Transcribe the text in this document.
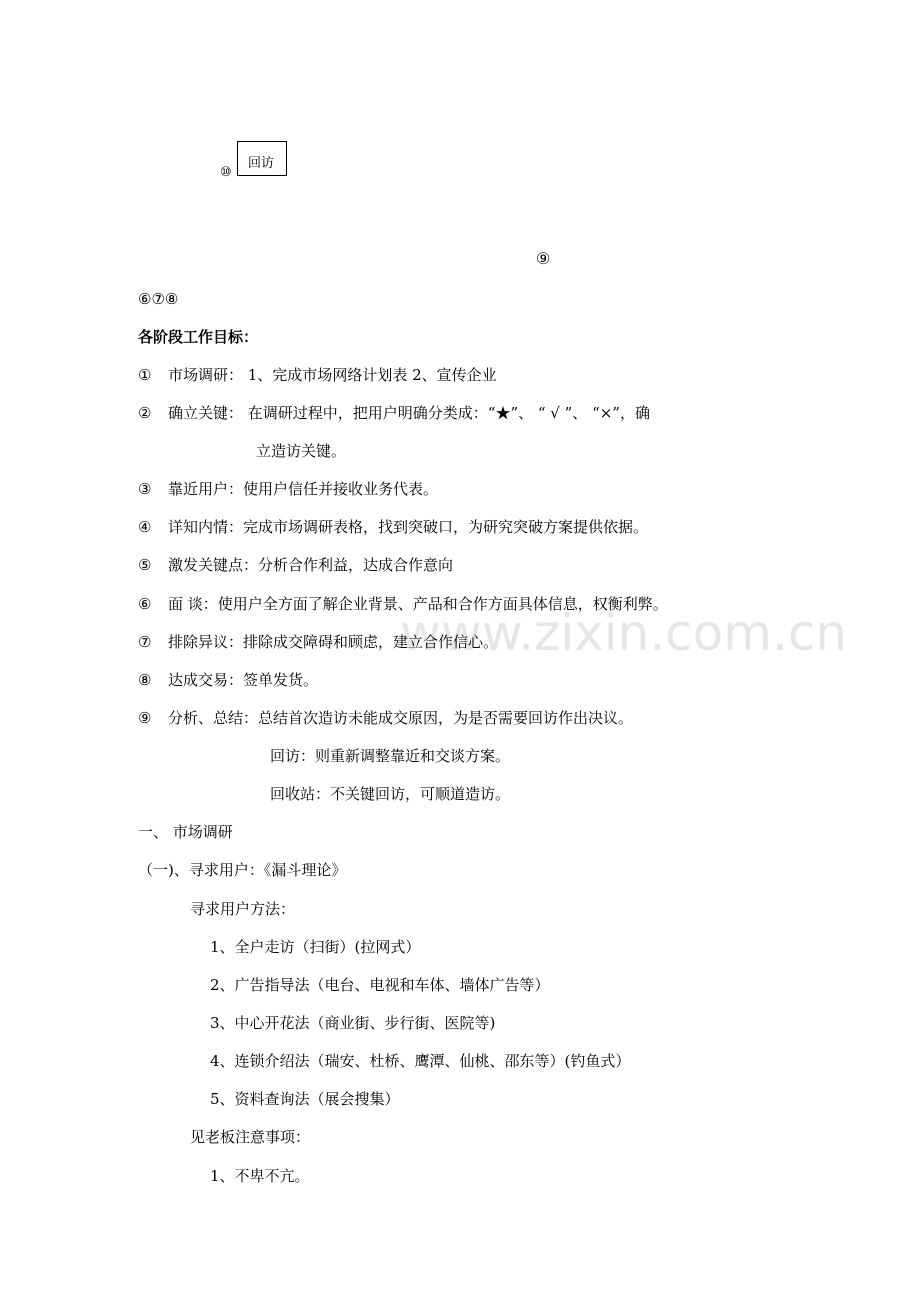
www.zixin.com.cn
⑩
回访
⑨
⑥⑦⑧
各阶段工作目标：
① 市场调研： 1、完成市场网络计划表 2、宣传企业
② 确立关键： 在调研过程中，把用户明确分类成：“★”、 “ √ ”、 “×”，确
立造访关键。
③ 靠近用户：使用户信任并接收业务代表。
④ 详知内情：完成市场调研表格，找到突破口，为研究突破方案提供依据。
⑤ 激发关键点：分析合作利益，达成合作意向
⑥ 面 谈：使用户全方面了解企业背景、产品和合作方面具体信息，权衡利弊。
⑦ 排除异议：排除成交障碍和顾虑，建立合作信心。
⑧ 达成交易：签单发货。
⑨ 分析、总结：总结首次造访未能成交原因，为是否需要回访作出决议。
回访：则重新调整靠近和交谈方案。
回收站：不关键回访，可顺道造访。
一、 市场调研
（一)、寻求用户：《漏斗理论》
寻求用户方法：
1、全户走访（扫街）(拉网式）
2、广告指导法（电台、电视和车体、墙体广告等）
3、中心开花法（商业街、步行街、医院等)
4、连锁介绍法（瑞安、杜桥、鹰潭、仙桃、邵东等）(钓鱼式）
5、资料查询法（展会搜集）
见老板注意事项：
1、不卑不亢。
